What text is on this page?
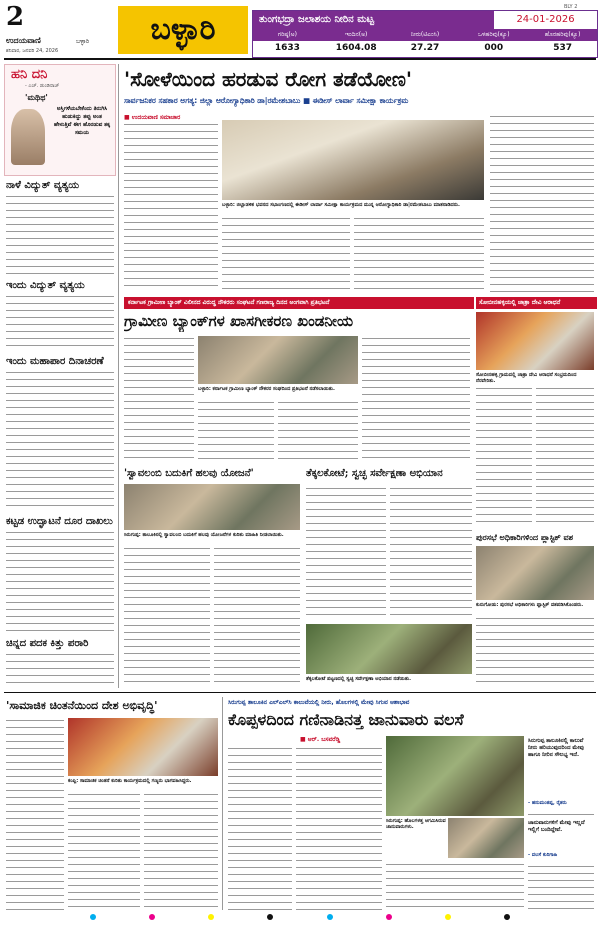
2
ಉದಯವಾಣಿ	ಬಳ್ಳಾರಿ
ಶನಿವಾರ, ಜನವರಿ 24, 2026
ಬಳ್ಳಾರಿ
BLY 2
ತುಂಗಭದ್ರಾ ಜಲಾಶಯ ನೀರಿನ ಮಟ್ಟ	24-01-2026
ಗರಿಷ್ಠ(ಅ)	ಇಂದಿನ(ಅ)	ನೀರು(ಟಿಎಂಸಿ)	ಒಳಹರಿವು(ಕ್ಯೂ)	ಹೊರಹರಿವು(ಕ್ಯೂ)
1633	1604.08	27.27	000	537
ಹನಿ ದನಿ
- ಎಚ್. ಡುಂಡಿರಾಜ್
'ಮಥಿಥ'
ಅಸ್ತಿಗಳೆಯಬೇಕೆಂದು ತಿರುಗಿಸಿ ಹುಡುಕಿದ್ದು ತಪ್ಪು ಅಂತ ಹೇಳುತ್ತಿವೆ ಈಗ ಹೊರಡುವ ತಕ್ಕ ಸಮಯ
ನಾಳೆ ವಿದ್ಯುತ್ ವ್ಯತ್ಯಯ
ಇಂದು ವಿದ್ಯುತ್ ವ್ಯತ್ಯಯ
ಇಂದು ಮಹಾಪಾರ ದಿನಾಚರಣೆ
ಕಟ್ಟಡ ಉದ್ಘಾಟನೆ ದೂರ ದಾಖಲು
ಚಿನ್ನದ ಪದಕ ಕಿತ್ತು ಪರಾರಿ
'ಸೋಳೆಯಿಂದ ಹರಡುವ ರೋಗ ತಡೆಯೋಣ'
ಸಾರ್ವಜನಿಕರ ಸಹಕಾರ ಅಗತ್ಯ: ಜಿಲ್ಲಾ ಆರೋಗ್ಯಾಧಿಕಾರಿ ಡಾ|ರಮೇಶಬಾಬು ■ ಈಡೀಸ್ ಲಾರ್ವಾ ಸಮೀಕ್ಷಾ ಕಾರ್ಯಕ್ರಮ
■ ಉದಯವಾಣಿ ಸಮಾಚಾರ
ಬಳ್ಳಾರಿ: ಜಿಲ್ಲಾಡಳಿತ ಭವನದ ಸಭಾಂಗಣದಲ್ಲಿ ಈಡೀಸ್ ಲಾರ್ವಾ ಸಮೀಕ್ಷಾ ಕಾರ್ಯಕ್ರಮದ ಮುನ್ನ ಆರೋಗ್ಯಾಧಿಕಾರಿ ಡಾ|ರಮೇಶಬಾಬು ಮಾತನಾಡಿದರು.
ಕರ್ನಾಟಕ ಗ್ರಾಮೀಣ ಬ್ಯಾಂಕ್ ವಿಲೀನದ ವಿರುದ್ಧ ನೌಕರರು ಸಂಘಟನೆ ಗಣರಾಜ್ಯ ದಿನದ ಅಂಗವಾಗಿ ಪ್ರತಿಭಟನೆ
ಗ್ರಾಮೀಣ ಬ್ಯಾಂಕ್‌ಗಳ ಖಾಸಗೀಕರಣ ಖಂಡನೀಯ
ಬಳ್ಳಾರಿ: ಕರ್ನಾಟಕ ಗ್ರಾಮೀಣ ಬ್ಯಾಂಕ್ ನೌಕರರ ಸಂಘದಿಂದ ಪ್ರತಿಭಟನೆ ನಡೆಸಲಾಯಿತು.
ಸೋಬೀನಹಳ್ಳಿಯಲ್ಲಿ ಜಾತ್ರಾ ದೇವಿ ಆರಾಧನೆ
ಸೋಬೀನಹಳ್ಳಿ ಗ್ರಾಮದಲ್ಲಿ ಜಾತ್ರಾ ದೇವಿ ಆರಾಧನೆ ಸಂಭ್ರಮದಿಂದ ನೆರವೇರಿತು.
'ಸ್ವಾವಲಂಬಿ ಬದುಕಿಗೆ ಹಲವು ಯೋಜನೆ'
ಸಿರುಗುಪ್ಪ: ತಾಲೂಕಿನಲ್ಲಿ ಸ್ವಾವಲಂಬಿ ಬದುಕಿಗೆ ಹಲವು ಯೋಜನೆಗಳ ಕುರಿತು ಮಾಹಿತಿ ನೀಡಲಾಯಿತು.
ತೆಕ್ಕಲಕೋಟೆ; ಸ್ವಚ್ಛ ಸರ್ವೇಕ್ಷಣಾ ಅಭಿಯಾನ
ತೆಕ್ಕಲಕೋಟೆ ಪಟ್ಟಣದಲ್ಲಿ ಸ್ವಚ್ಛ ಸರ್ವೇಕ್ಷಣಾ ಅಭಿಯಾನ ನಡೆಯಿತು.
ಪುರಸಭೆ ಅಧಿಕಾರಿಗಳಿಂದ ಪ್ಲಾಸ್ಟಿಕ್ ವಶ
ಕುರುಗೋಡು: ಪುರಸಭೆ ಅಧಿಕಾರಿಗಳು ಪ್ಲಾಸ್ಟಿಕ್ ವಶಪಡಿಸಿಕೊಂಡರು.
'ಸಾಮಾಜಿಕ ಚಿಂತನೆಯಿಂದ ದೇಶ ಅಭಿವೃದ್ಧಿ'
ಕಂಪ್ಲಿ: ಸಾಮಾಜಿಕ ಚಿಂತನೆ ಕುರಿತು ಕಾರ್ಯಕ್ರಮದಲ್ಲಿ ಗಣ್ಯರು ಭಾಗವಹಿಸಿದ್ದರು.
ಸಿರುಗುಪ್ಪ ತಾಲೂಕಿನ ಎಲ್‌ಎಲ್‌ಸಿ ಕಾಲುವೆಯಲ್ಲಿ ನೀರು, ಹೊಲಗಳಲ್ಲಿ ಮೇವು ಸಿಗುವ ಆಶಾಭಾವ
ಕೊಪ್ಪಳದಿಂದ ಗಣಿನಾಡಿನತ್ತ ಜಾನುವಾರು ವಲಸೆ
■ ಆರ್. ಬಸವರೆಡ್ಡಿ	ಸಿರುಗುಪ್ಪ ತಾಲೂಕಿನಲ್ಲಿ ಕಾಲುವೆ ನೀರು ಹರಿಯುವುದರಿಂದ ಮೇವು ಹಾಗೂ ನೀರಿನ ಸೌಲಭ್ಯ ಇದೆ.
- ಹನುಮಂತಪ್ಪ, ರೈತರು
ಸಿರುಗುಪ್ಪ: ಹೊಲಗಳತ್ತ ಆಗಮಿಸಿರುವ ಜಾನುವಾರುಗಳು.
ಜಾನುವಾರುಗಳಿಗೆ ಮೇವು ಇಲ್ಲದೆ ಇಲ್ಲಿಗೆ ಬಂದಿದ್ದೇವೆ.
- ವಲಸೆ ಕುರಿಗಾಹಿ
